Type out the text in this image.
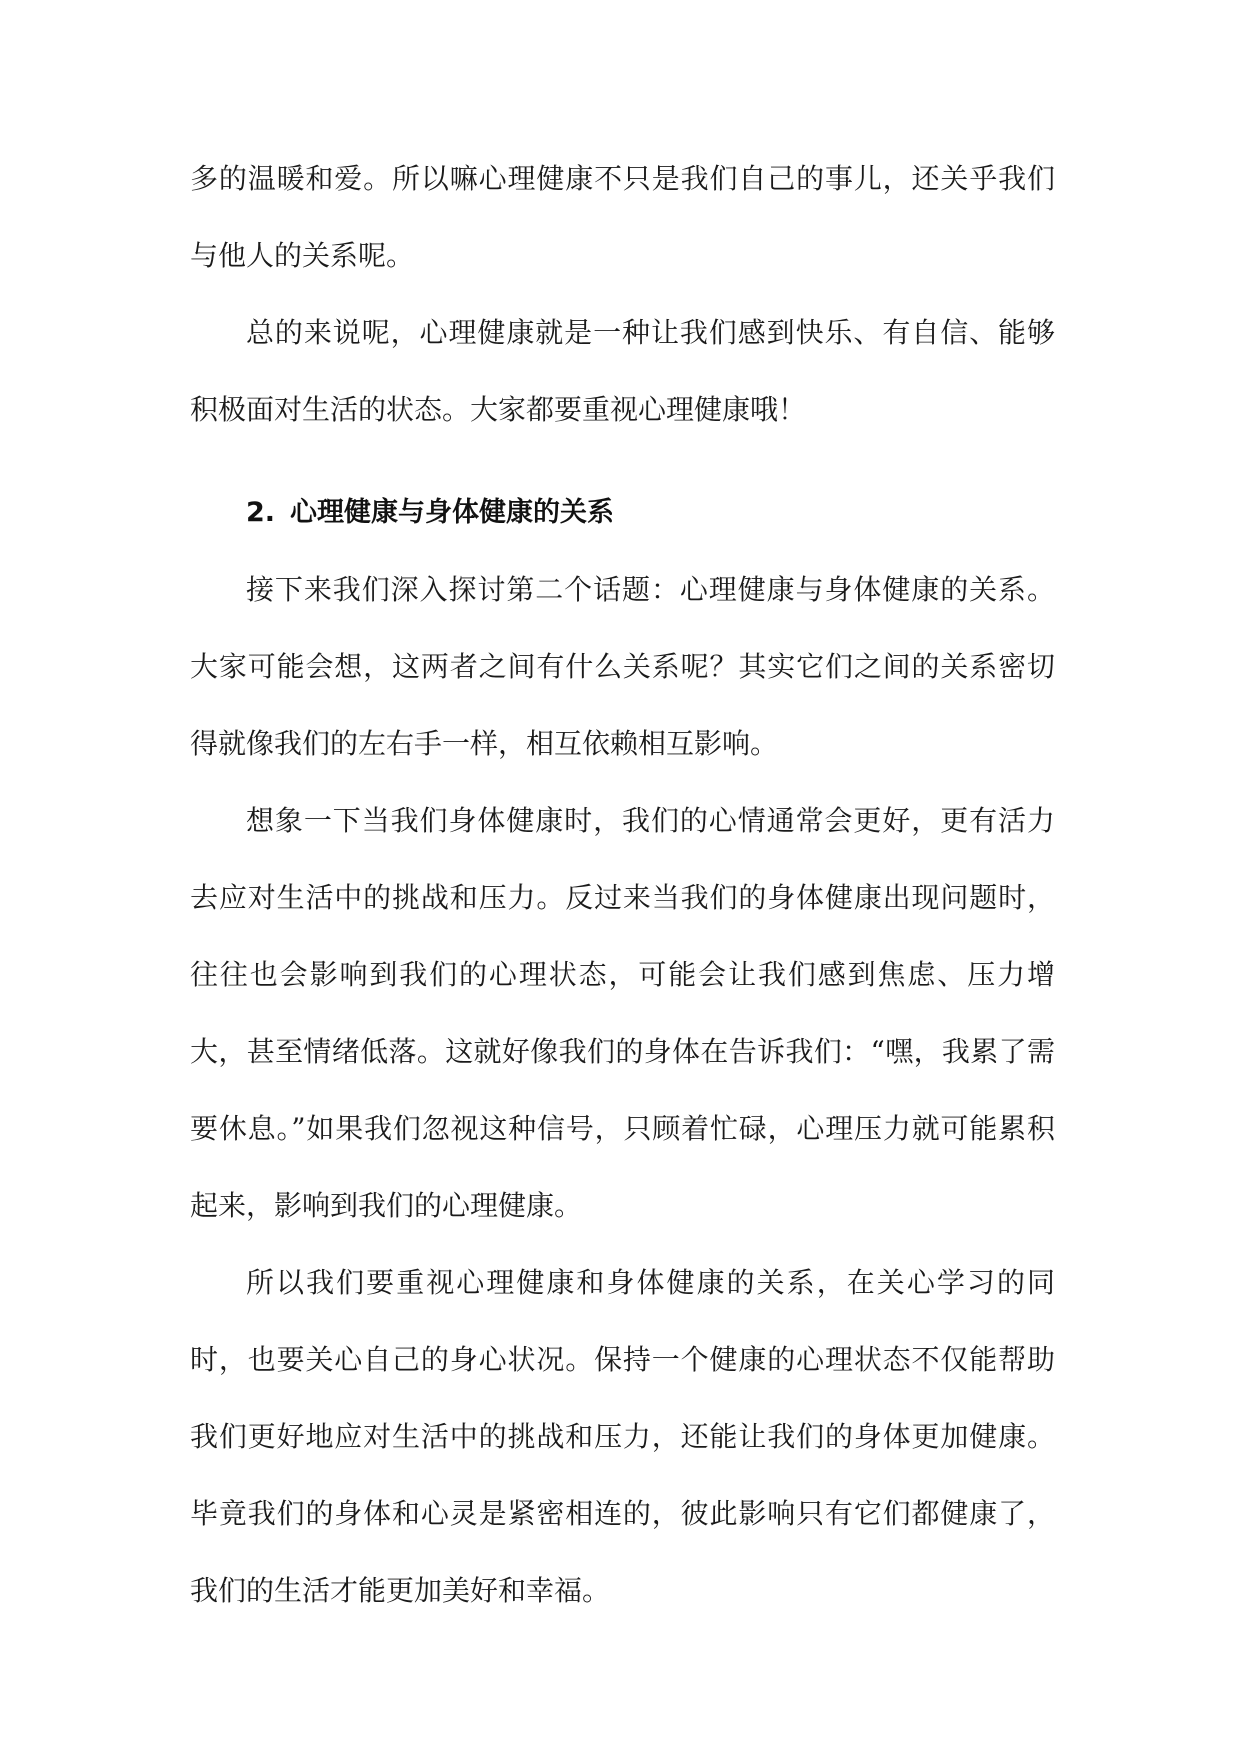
多的温暖和爱。所以嘛心理健康不只是我们自己的事儿，还关乎我们与他人的关系呢。

总的来说呢，心理健康就是一种让我们感到快乐、有自信、能够积极面对生活的状态。大家都要重视心理健康哦！

2. 心理健康与身体健康的关系

接下来我们深入探讨第二个话题：心理健康与身体健康的关系。大家可能会想，这两者之间有什么关系呢？其实它们之间的关系密切得就像我们的左右手一样，相互依赖相互影响。

想象一下当我们身体健康时，我们的心情通常会更好，更有活力去应对生活中的挑战和压力。反过来当我们的身体健康出现问题时，往往也会影响到我们的心理状态，可能会让我们感到焦虑、压力增大，甚至情绪低落。这就好像我们的身体在告诉我们：“嘿，我累了需要休息。”如果我们忽视这种信号，只顾着忙碌，心理压力就可能累积起来，影响到我们的心理健康。

所以我们要重视心理健康和身体健康的关系，在关心学习的同时，也要关心自己的身心状况。保持一个健康的心理状态不仅能帮助我们更好地应对生活中的挑战和压力，还能让我们的身体更加健康。毕竟我们的身体和心灵是紧密相连的，彼此影响只有它们都健康了，我们的生活才能更加美好和幸福。
